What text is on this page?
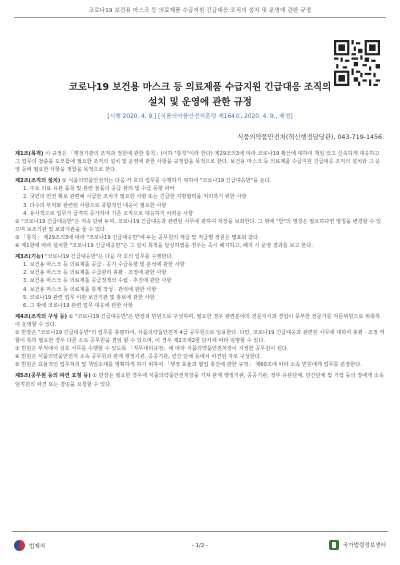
코로나19 보건용 마스크 등 의료제품 수급지원 긴급대응 조직의 설치 및 운영에 관한 규정
코로나19 보건용 마스크 등 의료제품 수급지원 긴급대응 조직의
설치 및 운영에 관한 규정
[시행 2020. 4. 9.] [식품의약품안전처훈령 제164호, 2020. 4. 9., 제정]
식품의약품안전처(혁신행정담당관), 043-719-1456
제1조(목적) 이 규정은 「행정기관의 조직과 정원에 관한 통칙」(이하 "통칙"이라 한다) 제29조의3에 따라 코로나19 확산에 대하여 책임 있고 신속하게 대응하고 그 업무의 창출을 도모함에 필요한 조직의 설치 및 운영에 관한 사항을 규정함을 목적으로 한다. 보건용 마스크 등 의료제품 수급지원 긴급대응 조직의 설치와 그 운영 등에 필요한 사항을 정함을 목적으로 한다.
제2조(조직의 설치) ① 식품의약품안전처는 다음 각 호의 업무를 수행하기 위하여 "코로나19 긴급대응반"을 둔다.
1. 주요 의료 유관 품목 및 관련 물품의 공급 관리 및 수급 동향 파악
2. 국민의 안전 확보 관련해 시급한 조치가 필요한 사항 또는 긴급한 지방협력을 처리하기 위한 사항
3. 다수의 부처와 관련된 사항으로 종합적인 대응이 필요한 사항
4. 유사적으로 업무가 급격히 증가하여 기존 조직으로 대응하기 어려운 사항
② "코로나19 긴급대응반"은 직속 단위 두며, 코로나19 긴급대응과 관련된 사무에 관하여 처장을 보좌한다. 그 밖에 "반"의 명칭은 필요하다면 명칭을 변경할 수 있으며 보조기관 및 보좌기관을 둘 수 있다.
③ 「통칙」 제29조의3에 따라 "코로나19 긴급대응반"에 두는 공무원의 계급 및 직급별 정원은 별표와 같다.
④ 제1항에 따라 설치한 "코로나19 긴급대응반"은 그 설치 목적을 달성하였을 경우는 즉시 폐지하고, 폐지 시 운영 결과를 보고 한다.
제3조(기능) "코로나19 긴급대응반"은 다음 각 호의 업무를 수행한다.
1. 보건용 마스크 등 의료제품 공급 · 공기 수급동향 및 분석에 관한 사항
2. 보건용 마스크 등 의료제품 수급관리 총괄 · 조정에 관한 사항
3. 보건용 마스크 등 의료제품 공급정책의 수립 · 추진에 관한 사항
4. 보건용 마스크 등 의료제품 통계 작성 · 관리에 관한 사항
5. 코로나19 관련 업무 이관 보건기관 및 홍보에 관한 사항
6. 그 밖에 코로나19 관련 업무 대응에 관한 사항
제4조(조직의 구성 등) ① "코로나19 긴급대응반"은 반장과 반원으로 구성하며, 필요한 경우 관련분야의 전문지식과 경험이 풍부한 전문가를 자문위원으로 위촉하여 운영할 수 있다.
② 반장은 "코로나19 긴급대응반"의 업무를 총괄하여, 식품의약품안전처 4급 공무원으로 임용한다. 다만, 코로나19 긴급대응과 관련된 사무에 대하여 총괄 · 조정 역할이 특히 필요한 경우 다른 소속 공무원을 겸임 할 수 있으며, 이 경우 제2조제2항 단서에 따라 임명할 수 있다.
③ 반원은 부처에서 상호 사무를 수행할 수 있도록 「직무대리규정」에 따라 식품의약품안전처장이 지정한 공무원이 된다.
④ 반원은 식품의약품안전처 소속 공무원과 관계 행정기관, 공공기관, 민간 단체 등에서 파견된 자로 구성한다.
⑤ 반원은 효율적인 업무처리 및 책임소재를 명확하게 하기 위하여 「행정 효율과 협업 촉진에 관한 규정」 제60조에 따라 소속 반원에게 업무를 분장한다.
제5조(공무원 등의 파견 요청 등) ① 반장은 필요한 경우에 식품의약품안전처장을 거쳐 관계 행정기관, 공공기관, 정부 유관단체, 민간단체 및 기업 등의 장에게 소속 임직원의 파견 또는 겸임을 요청할 수 있다.
법제처	- 1/2 -	국가법령정보센터
